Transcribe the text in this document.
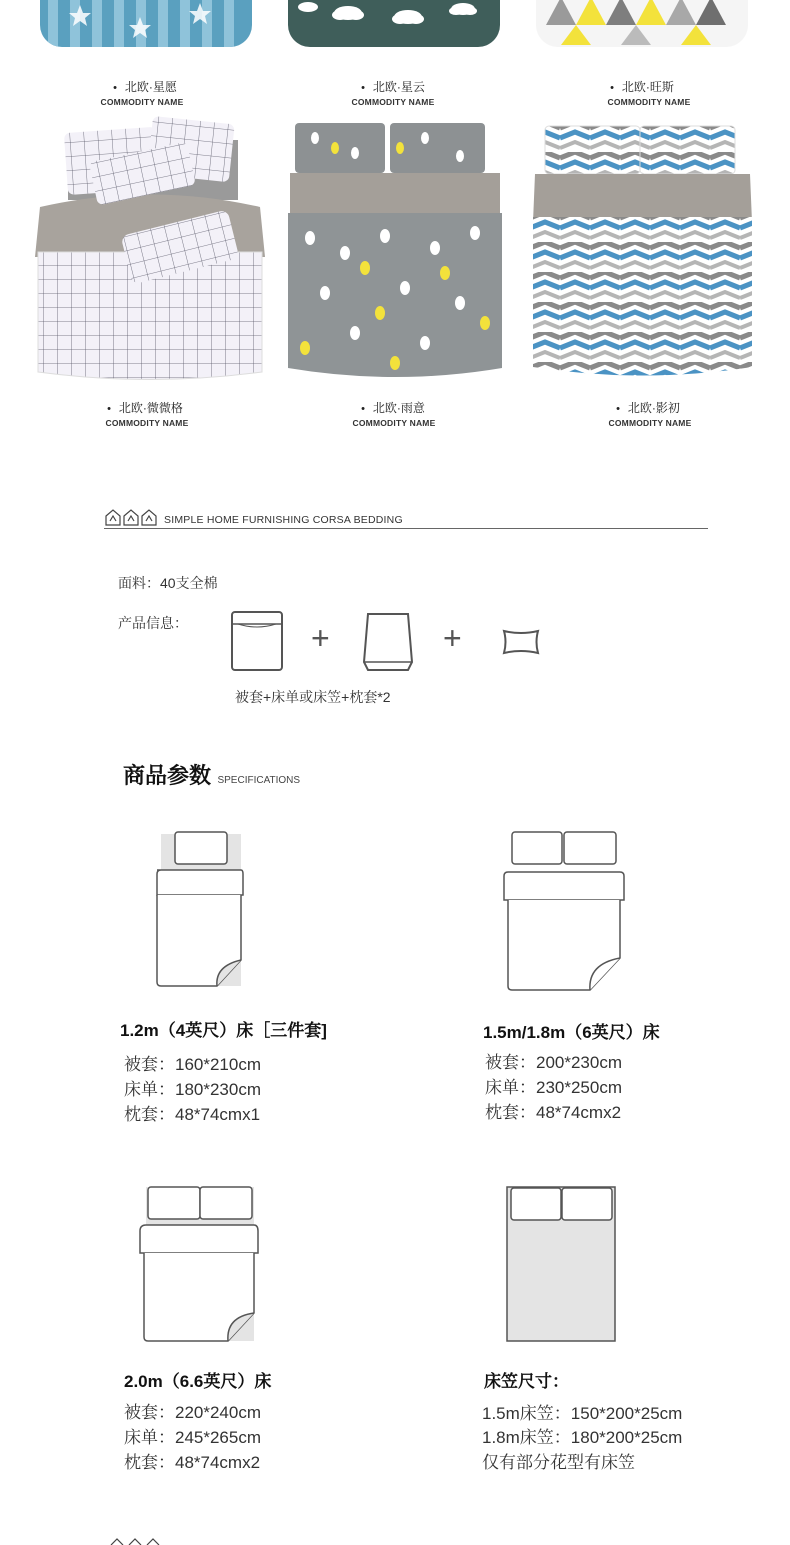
• 北欧·星愿
COMMODITY NAME
• 北欧·星云
COMMODITY NAME
• 北欧·旺斯
COMMODITY NAME
• 北欧·微微格
COMMODITY NAME
• 北欧·雨意
COMMODITY NAME
• 北欧·影初
COMMODITY NAME
SIMPLE HOME FURNISHING CORSA BEDDING
面料：40支全棉
产品信息：	+	+
被套+床单或床笠+枕套*2
商品参数 SPECIFICATIONS
1.2m（4英尺）床［三件套]
被套：160*210cm
床单：180*230cm
枕套：48*74cmx1
1.5m/1.8m（6英尺）床
被套：200*230cm
床单：230*250cm
枕套：48*74cmx2
2.0m（6.6英尺）床
被套：220*240cm
床单：245*265cm
枕套：48*74cmx2
床笠尺寸：
1.5m床笠：150*200*25cm
1.8m床笠：180*200*25cm
仅有部分花型有床笠
